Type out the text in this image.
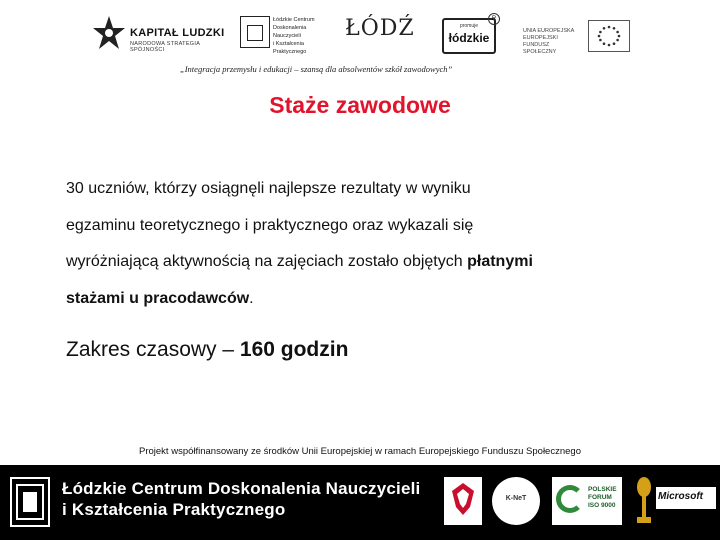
KAPITAŁ LUDZKI
NARODOWA STRATEGIA SPÓJNOŚCI
Łódzkie Centrum
Doskonalenia Nauczycieli
i Kształcenia Praktycznego
ŁÓDŹ	promuje
łódzkie
R
UNIA EUROPEJSKA
EUROPEJSKI
FUNDUSZ SPOŁECZNY
„Integracja przemysłu i edukacji – szansą dla absolwentów szkół zawodowych”
Staże zawodowe
30 uczniów, którzy osiągnęli najlepsze rezultaty w wyniku
egzaminu teoretycznego i praktycznego oraz wykazali się
wyróżniającą aktywnością na zajęciach zostało objętych płatnymi
stażami u pracodawców.
Zakres czasowy – 160 godzin
Projekt współfinansowany ze środków Unii Europejskiej w ramach Europejskiego Funduszu Społecznego
Łódzkie Centrum Doskonalenia Nauczycieli
i Kształcenia Praktycznego
K-NeT
POLSKIE
FORUM
ISO 9000
Microsoft
